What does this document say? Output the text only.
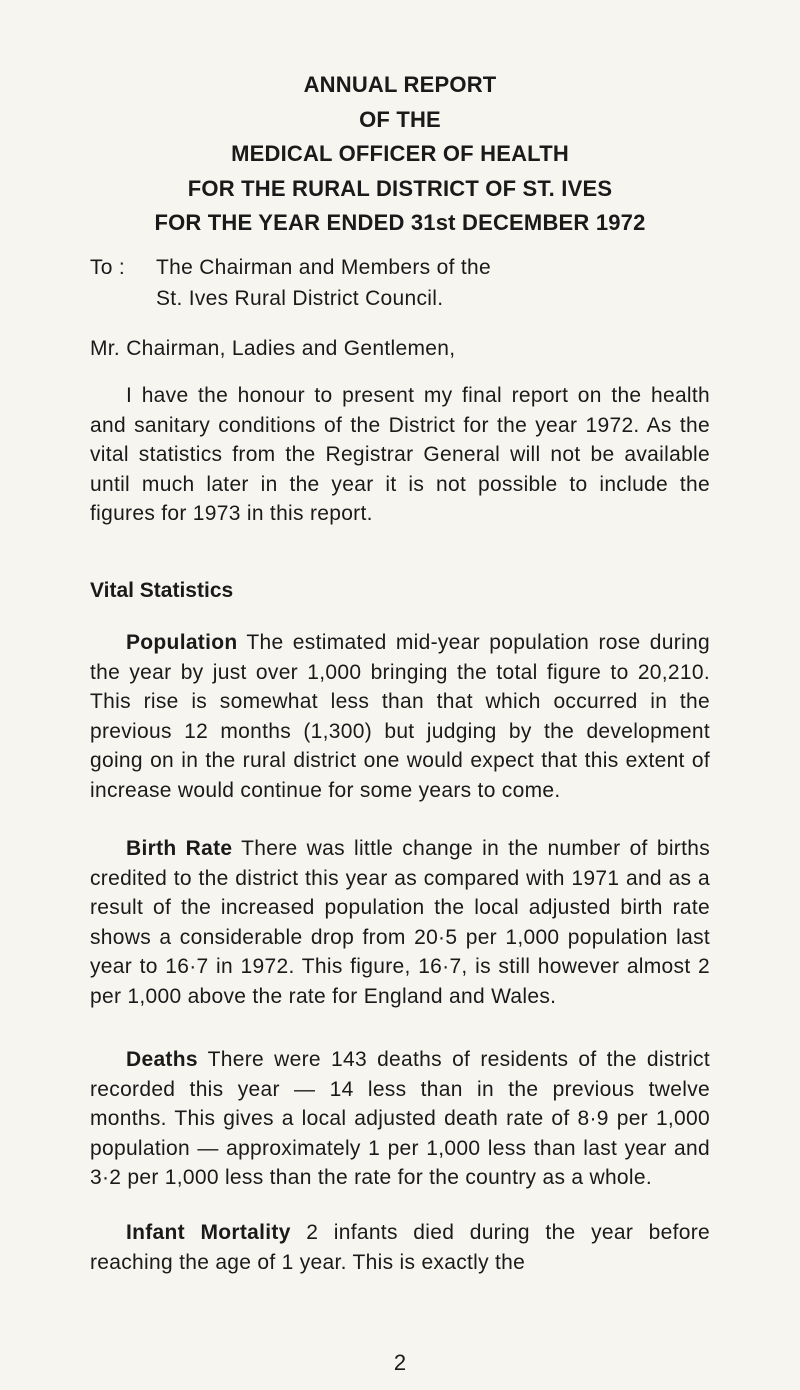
ANNUAL REPORT
OF THE
MEDICAL OFFICER OF HEALTH
FOR THE RURAL DISTRICT OF ST. IVES
FOR THE YEAR ENDED 31st DECEMBER 1972
To :	The Chairman and Members of the
St. Ives Rural District Council.
Mr. Chairman, Ladies and Gentlemen,

I have the honour to present my final report on the health and sanitary conditions of the District for the year 1972. As the vital statistics from the Registrar General will not be available until much later in the year it is not possible to include the figures for 1973 in this report.

Vital Statistics

Population The estimated mid-year population rose during the year by just over 1,000 bringing the total figure to 20,210. This rise is somewhat less than that which occurred in the previous 12 months (1,300) but judging by the development going on in the rural district one would expect that this extent of increase would continue for some years to come.

Birth Rate There was little change in the number of births credited to the district this year as compared with 1971 and as a result of the increased population the local adjusted birth rate shows a considerable drop from 20·5 per 1,000 population last year to 16·7 in 1972. This figure, 16·7, is still however almost 2 per 1,000 above the rate for England and Wales.

Deaths There were 143 deaths of residents of the district recorded this year — 14 less than in the previous twelve months. This gives a local adjusted death rate of 8·9 per 1,000 population — approximately 1 per 1,000 less than last year and 3·2 per 1,000 less than the rate for the country as a whole.

Infant Mortality 2 infants died during the year before reaching the age of 1 year. This is exactly the

2
